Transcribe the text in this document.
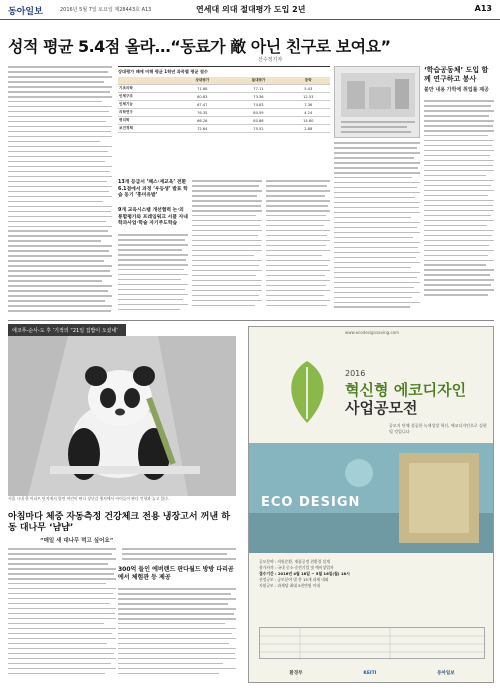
동아일보	2016년 5월 7일 토요일 제28443호 A13	연세대 의대 절대평가 도입 2년	A13
성적 평균 5.4점 올라…“동료가 敵 아닌 친구로 보여요”
신수정기자
상대평가 때에 비해 평균 1학년 과목별 평균 점수
	상대평가	절대평가	등락
기초의학	71.68	77.11	5.43
인체구조	60.83	73.36	12.53
인체기능	67.47	74.83	7.36
의학연구	76.35	80.59	4.24
병리학	66.26	80.86	14.60
보건정책	72.64	75.52	2.88
13개 등급서 ‘패스·재교육’ 전환 6.1점에서 과정 ‘우등생’ 발표 학습 동기 ‘흥미유발’
9개 교육시스템 개선협력 논·의 통합평가와 프레임워크 서클 자내학과사업·학술 자기주도학습
‘학습공동체’ 도입 함께 연구하고 봉사
불만 내용 가학에 취업률 제공
에코푸-순사-도 후 ‘기적의 “21일 집밥이 오셨네’
서울 시내 한 아파트 단지에서 열린 어린이 판다 장난감 행사에서 아이들이 판다 인형과 놀고 있다.
아침마다 체중 자동측정 건강체크 전용 냉장고서 꺼낸 하동 대나무 ‘냠냠’
“매일 새 대나무 먹고 싶어요”
300억 들인 에버랜드 판다월드 방방 다리곰에서 체험관 등 제공
www.ecodesignsaving.com
2016
혁신형 에코디자인
사업공모전
공모지 단체 성공한 녹색성장 혁신, 에코디자인으로 실현될 것입니다
ECO DESIGN
공모분야 : 자원순환, 제품공정 친환경 설계
참가자격 : 국내 중소·중견기업 및 예비창업자
접수기간 : 2016년 4월 18일 ~ 5월 16일(월) 18시
선정규모 : 공모분야 별 총 15개 과제 내외
지원규모 : 과제당 최대 5천만원 이내
환경부	KEITI	동아일보
